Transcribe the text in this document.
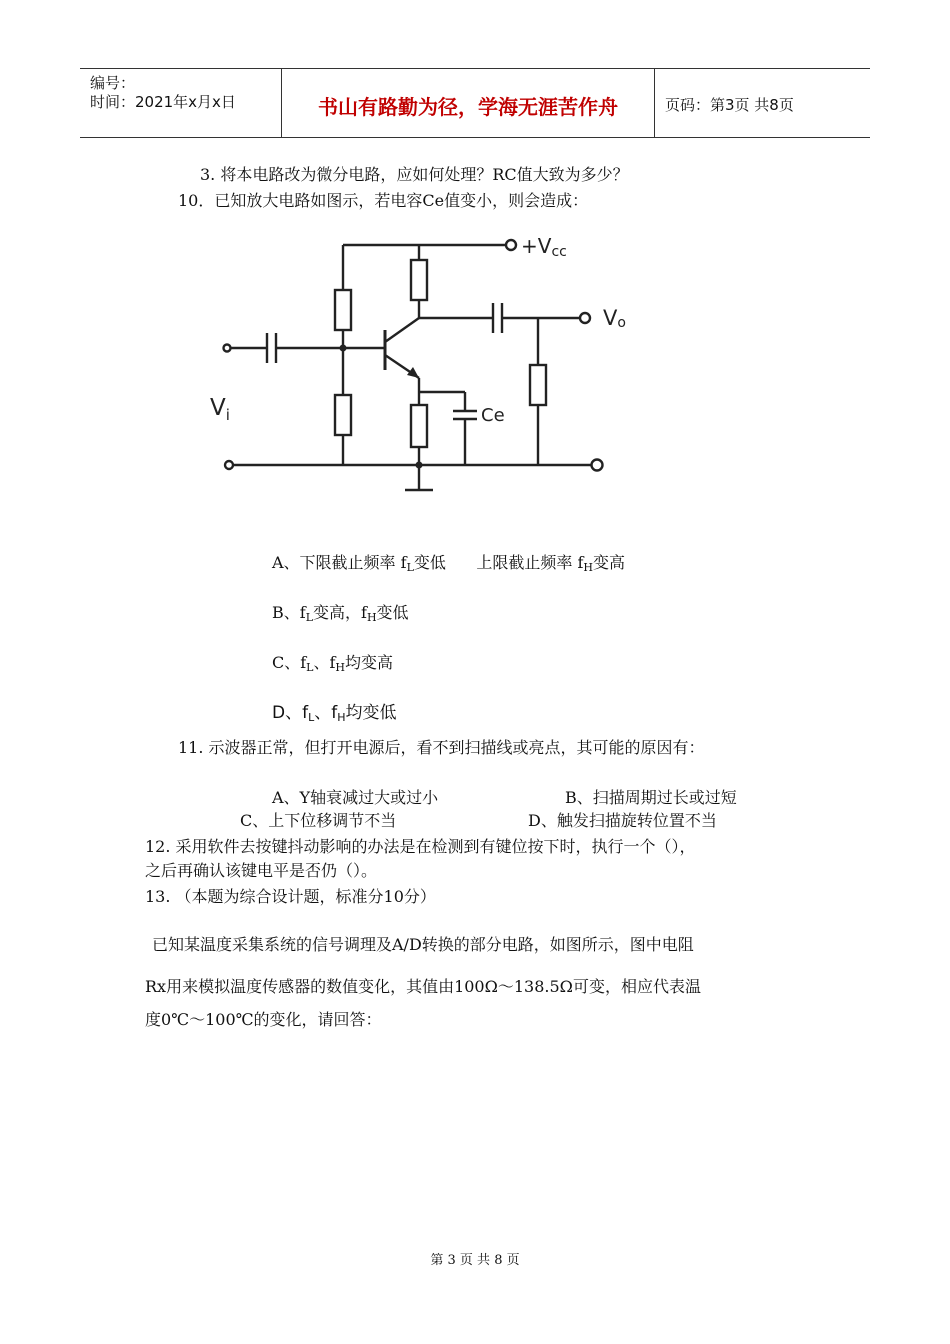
编号：
时间：2021年x月x日	书山有路勤为径，学海无涯苦作舟	页码：第3页 共8页
3. 将本电路改为微分电路，应如何处理？RC值大致为多少？
10．已知放大电路如图示，若电容Ce值变小，则会造成：
+Vcc
Vo
$V_i$	Ce
A、下限截止频率 $f_L$变低      上限截止频率 $f_H$变高
B、$f_L$变高，$f_H$变低
C、$f_L$、$f_H$均变高
D、$f_L$、$f_H$均变低
11. 示波器正常，但打开电源后，看不到扫描线或亮点，其可能的原因有：
A、Y轴衰减过大或过小	B、扫描周期过长或过短
C、上下位移调节不当	D、触发扫描旋转位置不当
12. 采用软件去按键抖动影响的办法是在检测到有键位按下时，执行一个（），
之后再确认该键电平是否仍（）。
13. （本题为综合设计题，标准分10分）
已知某温度采集系统的信号调理及A/D转换的部分电路，如图所示，图中电阻
Rx用来模拟温度传感器的数值变化，其值由100Ω～138.5Ω可变，相应代表温
度0℃～100℃的变化，请回答：
第 3 页 共 8 页
